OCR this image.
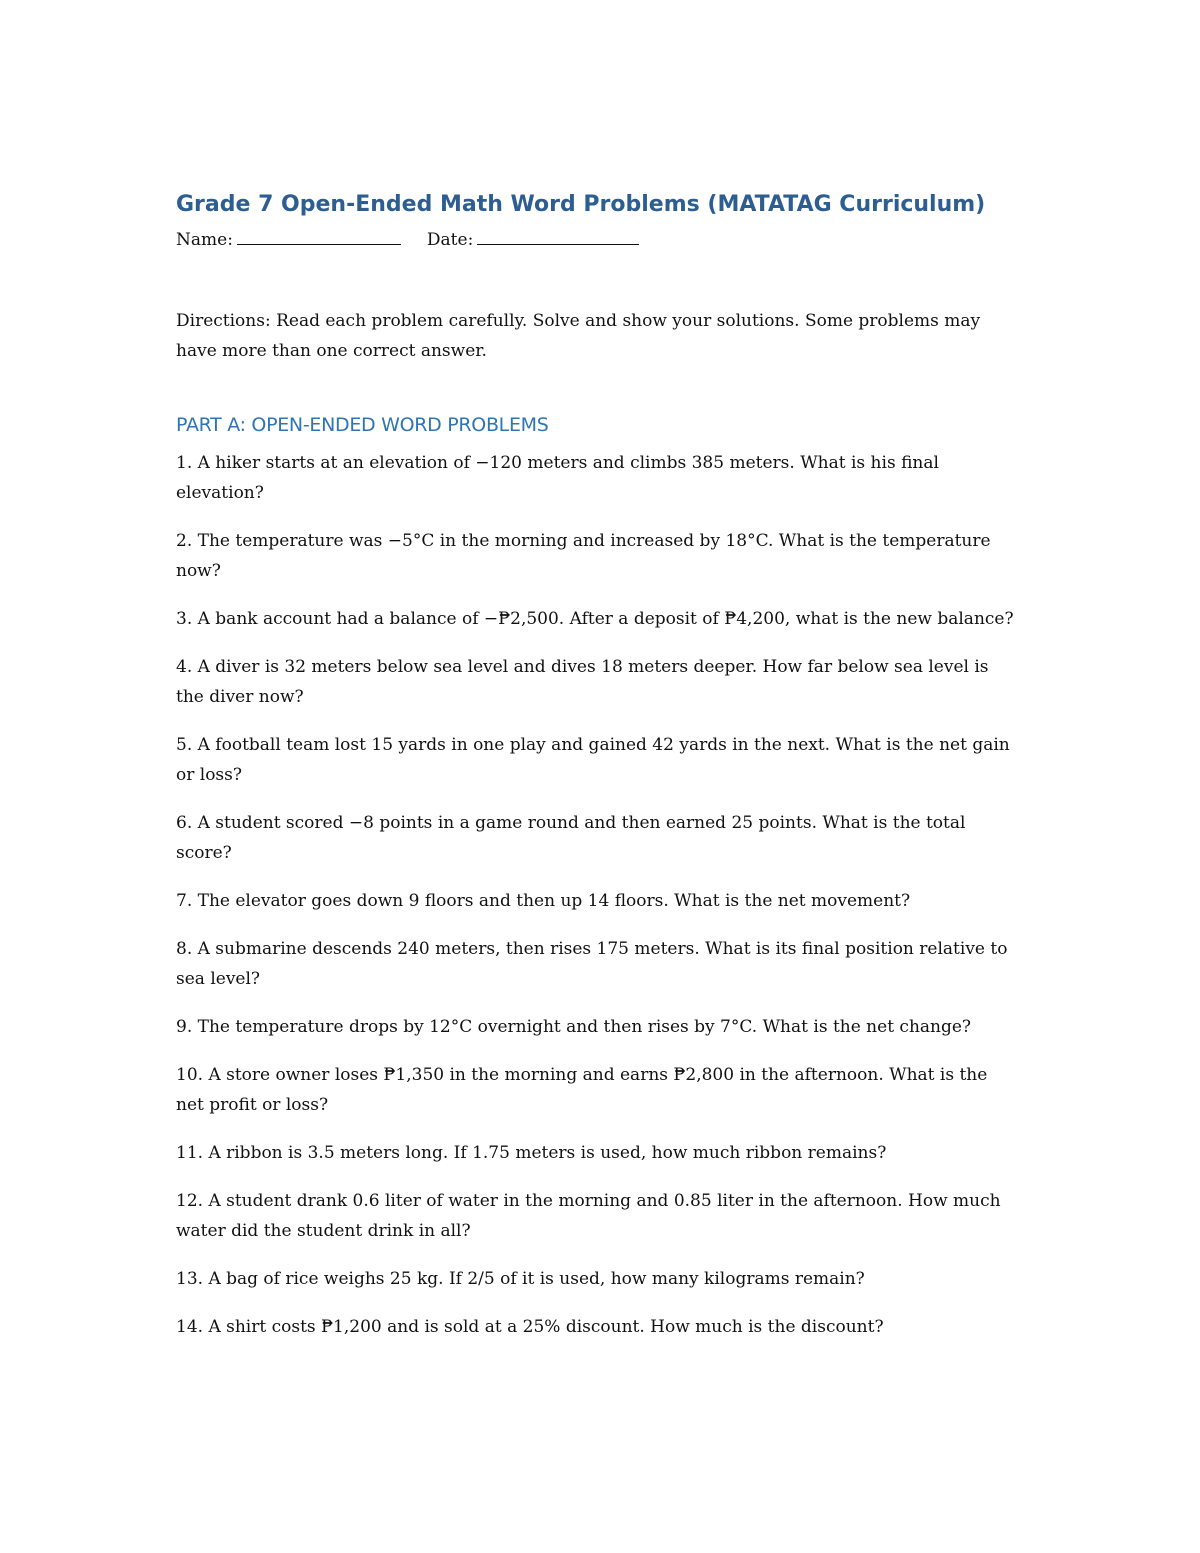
Grade 7 Open-Ended Math Word Problems (MATATAG Curriculum)
Name:	Date:

Directions: Read each problem carefully. Solve and show your solutions. Some problems may have more than one correct answer.

PART A: OPEN-ENDED WORD PROBLEMS
1. A hiker starts at an elevation of −120 meters and climbs 385 meters. What is his final elevation?
2. The temperature was −5°C in the morning and increased by 18°C. What is the temperature now?
3. A bank account had a balance of −₱2,500. After a deposit of ₱4,200, what is the new balance?
4. A diver is 32 meters below sea level and dives 18 meters deeper. How far below sea level is the diver now?
5. A football team lost 15 yards in one play and gained 42 yards in the next. What is the net gain or loss?
6. A student scored −8 points in a game round and then earned 25 points. What is the total score?
7. The elevator goes down 9 floors and then up 14 floors. What is the net movement?
8. A submarine descends 240 meters, then rises 175 meters. What is its final position relative to sea level?
9. The temperature drops by 12°C overnight and then rises by 7°C. What is the net change?
10. A store owner loses ₱1,350 in the morning and earns ₱2,800 in the afternoon. What is the net profit or loss?
11. A ribbon is 3.5 meters long. If 1.75 meters is used, how much ribbon remains?
12. A student drank 0.6 liter of water in the morning and 0.85 liter in the afternoon. How much water did the student drink in all?
13. A bag of rice weighs 25 kg. If 2/5 of it is used, how many kilograms remain?
14. A shirt costs ₱1,200 and is sold at a 25% discount. How much is the discount?
